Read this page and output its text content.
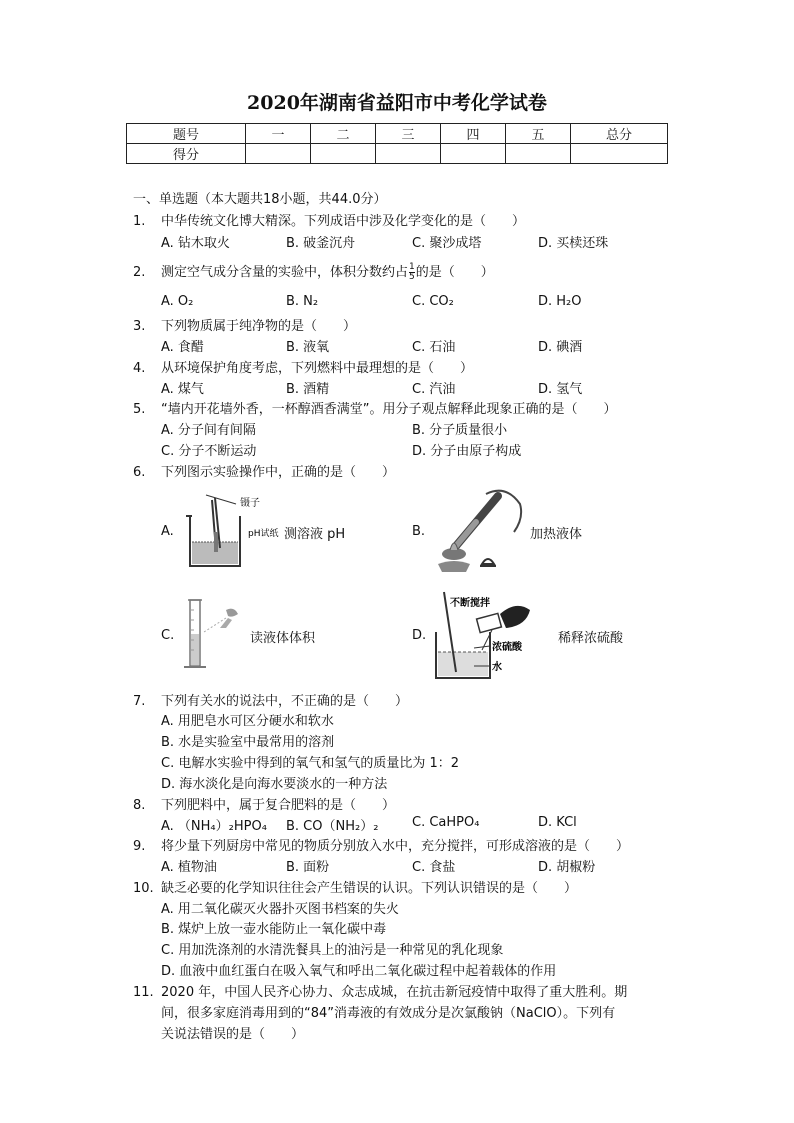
2020年湖南省益阳市中考化学试卷
题号	一	二	三	四	五	总分
得分						
一、单选题（本大题共18小题，共44.0分）
1. 中华传统文化博大精深。下列成语中涉及化学变化的是（　　）
A. 钻木取火	B. 破釜沉舟	C. 聚沙成塔	D. 买椟还珠
2. 测定空气成分含量的实验中，体积分数约占 $\frac{1}{5}$ 的是（　　）
A. O₂	B. N₂	C. CO₂	D. H₂O
3. 下列物质属于纯净物的是（　　）
A. 食醋	B. 液氧	C. 石油	D. 碘酒
4. 从环境保护角度考虑，下列燃料中最理想的是（　　）
A. 煤气	B. 酒精	C. 汽油	D. 氢气
5. “墙内开花墙外香，一杯醇酒香满堂”。用分子观点解释此现象正确的是（　　）
A. 分子间有间隔	B. 分子质量很小
C. 分子不断运动	D. 分子由原子构成
6. 下列图示实验操作中，正确的是（　　）
A.
镊子
pH试纸 测溶液 pH	B.	加热液体
C.	读液体体积	D.
不断搅拌
浓硫酸
水
稀释浓硫酸
7. 下列有关水的说法中，不正确的是（　　）
A. 用肥皂水可区分硬水和软水
B. 水是实验室中最常用的溶剂
C. 电解水实验中得到的氧气和氢气的质量比为 1：2
D. 海水淡化是向海水要淡水的一种方法
8. 下列肥料中，属于复合肥料的是（　　）
A. （NH₄）₂HPO₄ B. CO（NH₂）₂	C. CaHPO₄	D. KCl
9. 将少量下列厨房中常见的物质分别放入水中，充分搅拌，可形成溶液的是（　　）
A. 植物油	B. 面粉	C. 食盐	D. 胡椒粉
10. 缺乏必要的化学知识往往会产生错误的认识。下列认识错误的是（　　）
A. 用二氧化碳灭火器扑灭图书档案的失火
B. 煤炉上放一壶水能防止一氧化碳中毒
C. 用加洗涤剂的水清洗餐具上的油污是一种常见的乳化现象
D. 血液中血红蛋白在吸入氧气和呼出二氧化碳过程中起着载体的作用
11. 2020 年，中国人民齐心协力、众志成城，在抗击新冠疫情中取得了重大胜利。期
间，很多家庭消毒用到的“84”消毒液的有效成分是次氯酸钠（NaClO）。下列有
关说法错误的是（　　）
